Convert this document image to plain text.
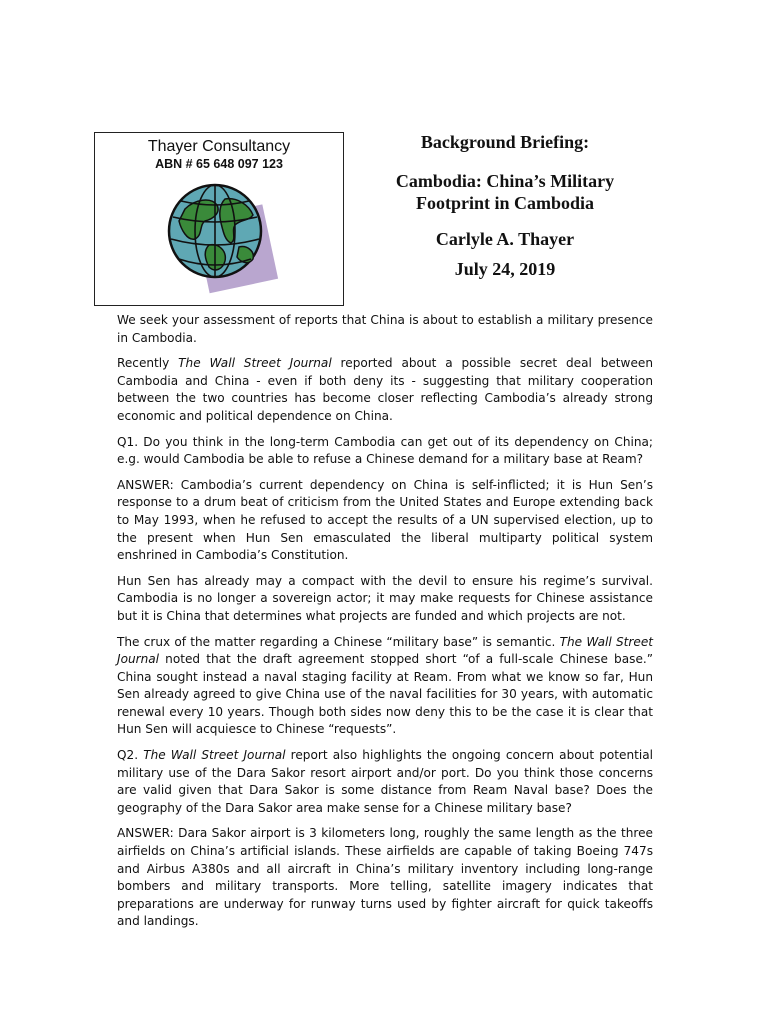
Thayer Consultancy
ABN # 65 648 097 123
Background Briefing:
Cambodia: China’s Military
Footprint in Cambodia
Carlyle A. Thayer
July 24, 2019

We seek your assessment of reports that China is about to establish a military presence in Cambodia.

Recently The Wall Street Journal reported about a possible secret deal between Cambodia and China - even if both deny its - suggesting that military cooperation between the two countries has become closer reflecting Cambodia’s already strong economic and political dependence on China.

Q1. Do you think in the long-term Cambodia can get out of its dependency on China; e.g. would Cambodia be able to refuse a Chinese demand for a military base at Ream?

ANSWER: Cambodia’s current dependency on China is self-inflicted; it is Hun Sen’s response to a drum beat of criticism from the United States and Europe extending back to May 1993, when he refused to accept the results of a UN supervised election, up to the present when Hun Sen emasculated the liberal multiparty political system enshrined in Cambodia’s Constitution.

Hun Sen has already may a compact with the devil to ensure his regime’s survival. Cambodia is no longer a sovereign actor; it may make requests for Chinese assistance but it is China that determines what projects are funded and which projects are not.

The crux of the matter regarding a Chinese “military base” is semantic. The Wall Street Journal noted that the draft agreement stopped short “of a full-scale Chinese base.” China sought instead a naval staging facility at Ream. From what we know so far, Hun Sen already agreed to give China use of the naval facilities for 30 years, with automatic renewal every 10 years. Though both sides now deny this to be the case it is clear that Hun Sen will acquiesce to Chinese “requests”.

Q2. The Wall Street Journal report also highlights the ongoing concern about potential military use of the Dara Sakor resort airport and/or port. Do you think those concerns are valid given that Dara Sakor is some distance from Ream Naval base? Does the geography of the Dara Sakor area make sense for a Chinese military base?

ANSWER: Dara Sakor airport is 3 kilometers long, roughly the same length as the three airfields on China’s artificial islands. These airfields are capable of taking Boeing 747s and Airbus A380s and all aircraft in China’s military inventory including long-range bombers and military transports. More telling, satellite imagery indicates that preparations are underway for runway turns used by fighter aircraft for quick takeoffs and landings.
